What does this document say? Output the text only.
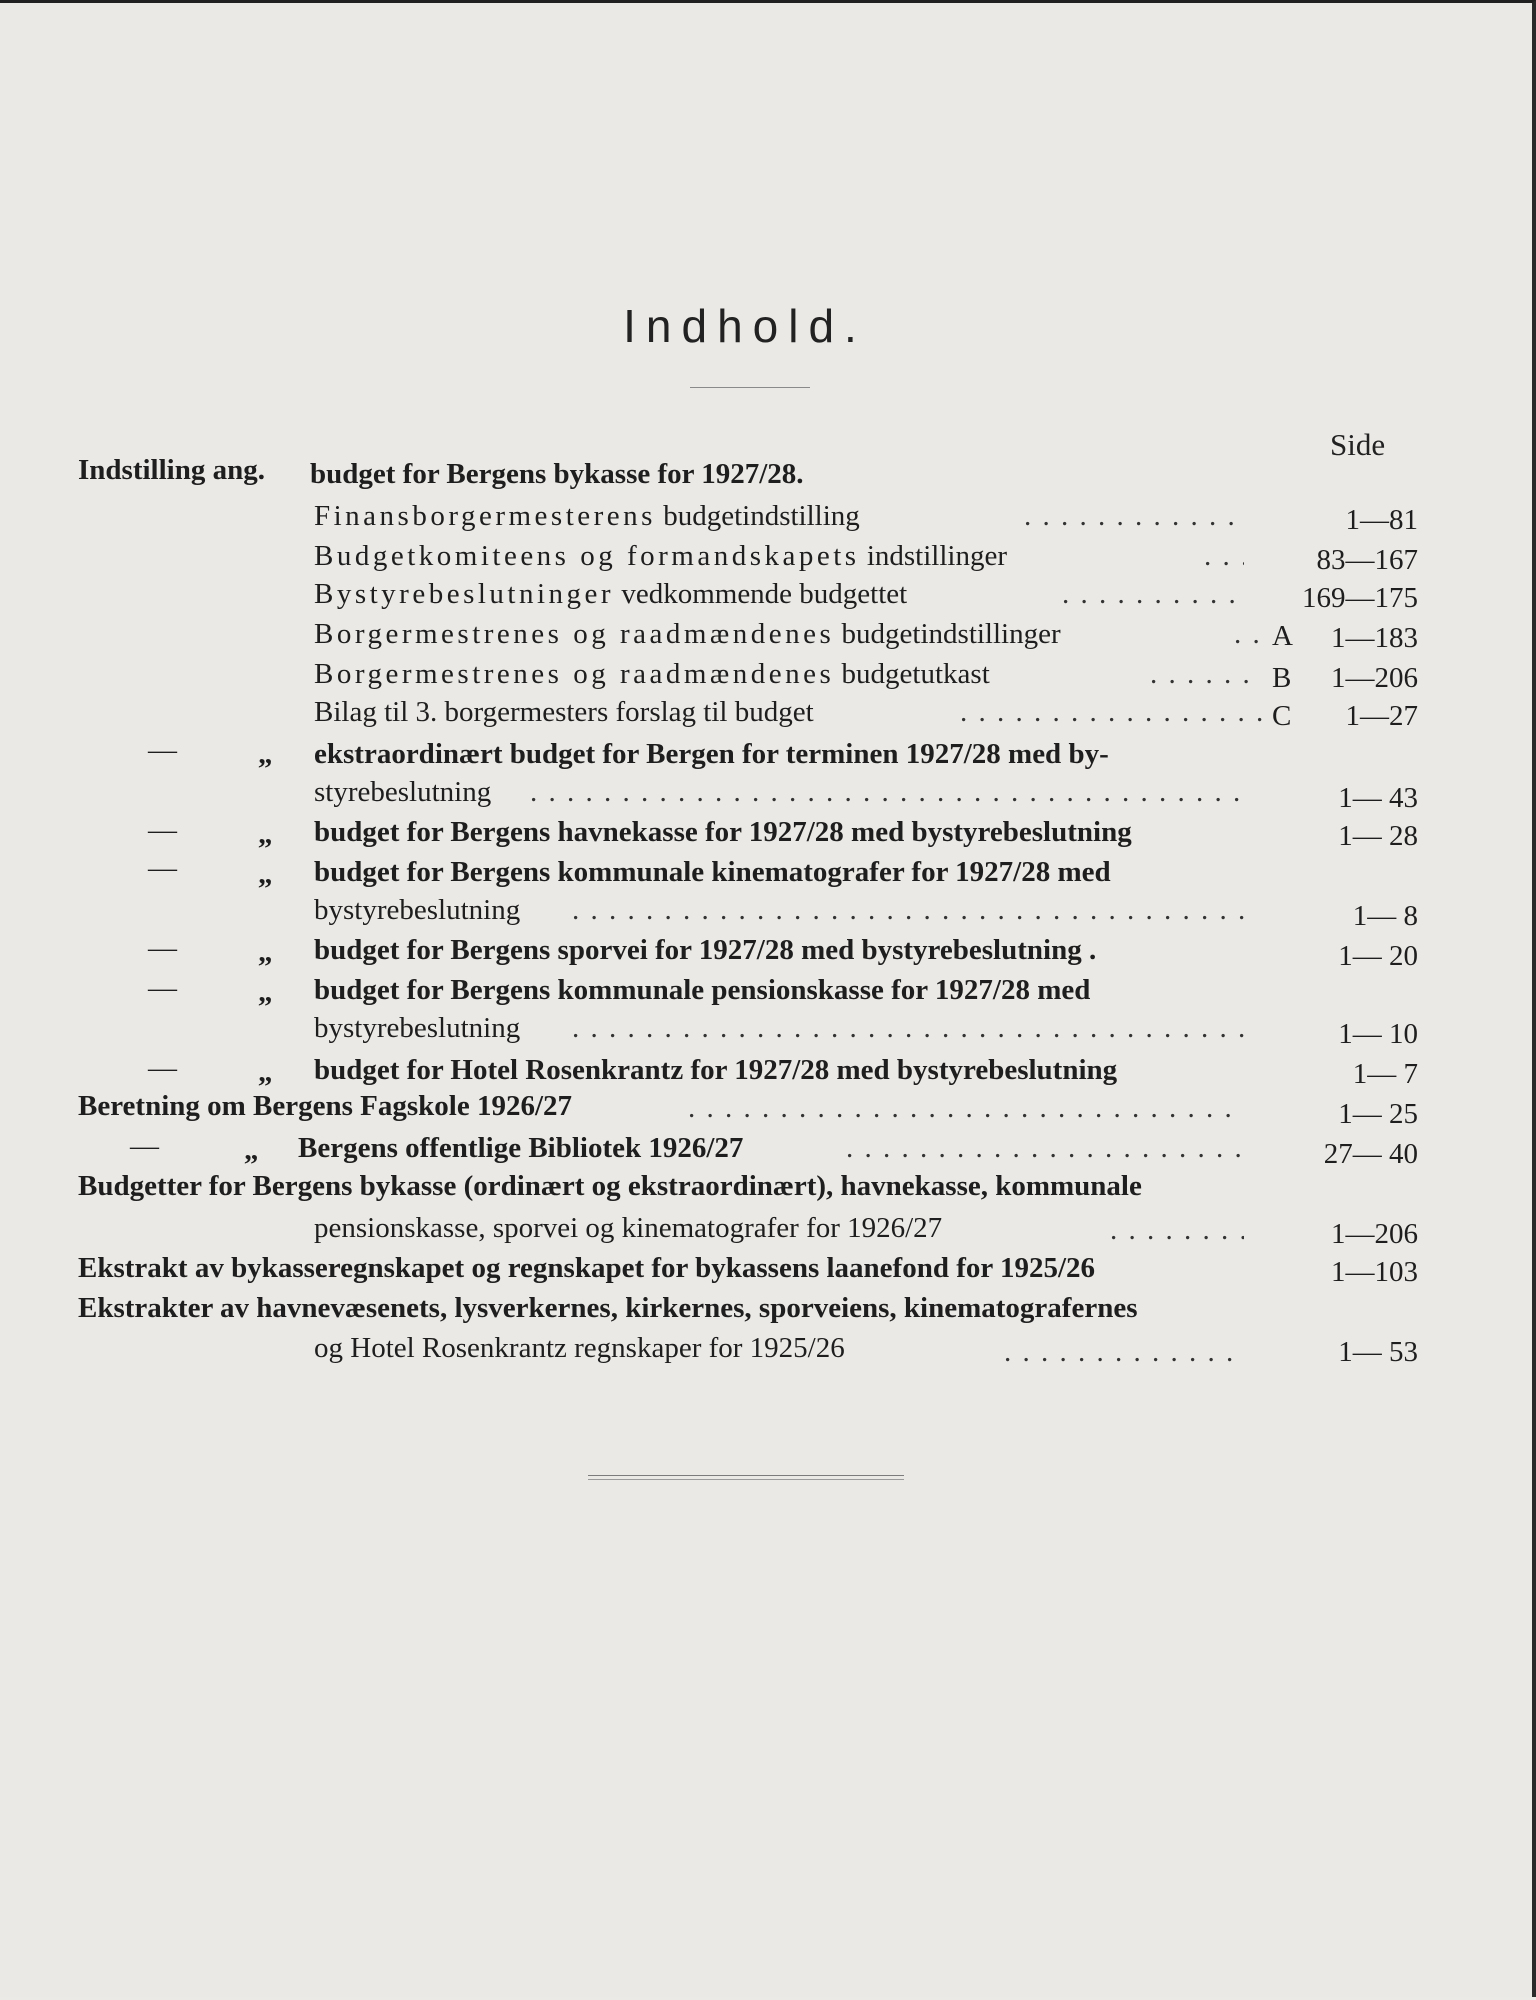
Indhold.
Side
Indstilling ang. budget for Bergens bykasse for 1927/28.
Finansborgermesterens budgetindstilling . . .	1—81
Budgetkomiteens og formandskapets indstillinger . . .	83—167
Bystyrebeslutninger vedkommende budgettet . . .	169—175
Borgermestrenes og raadmændenes budgetindstillinger . . .	A 1—183
Borgermestrenes og raadmændenes budgetutkast . . .	B 1—206
Bilag til 3. borgermesters forslag til budget . . .	C 1—27
—	„ ekstraordinært budget for Bergen for terminen 1927/28 med by-
styrebeslutning . . .	1— 43
—	„ budget for Bergens havnekasse for 1927/28 med bystyrebeslutning	1— 28
—	„ budget for Bergens kommunale kinematografer for 1927/28 med
bystyrebeslutning . . .	1— 8
—	„ budget for Bergens sporvei for 1927/28 med bystyrebeslutning .	1— 20
—	„ budget for Bergens kommunale pensionskasse for 1927/28 med
bystyrebeslutning . . .	1— 10
—	„ budget for Hotel Rosenkrantz for 1927/28 med bystyrebeslutning	1— 7
Beretning om Bergens Fagskole 1926/27 . . .	1— 25
—	„ Bergens offentlige Bibliotek 1926/27 . . .	27— 40
Budgetter for Bergens bykasse (ordinært og ekstraordinært), havnekasse, kommunale
pensionskasse, sporvei og kinematografer for 1926/27 . . .	1—206
Ekstrakt av bykasseregnskapet og regnskapet for bykassens laanefond for 1925/26	1—103
Ekstrakter av havnevæsenets, lysverkernes, kirkernes, sporveiens, kinematografernes
og Hotel Rosenkrantz regnskaper for 1925/26 . . .	1— 53
